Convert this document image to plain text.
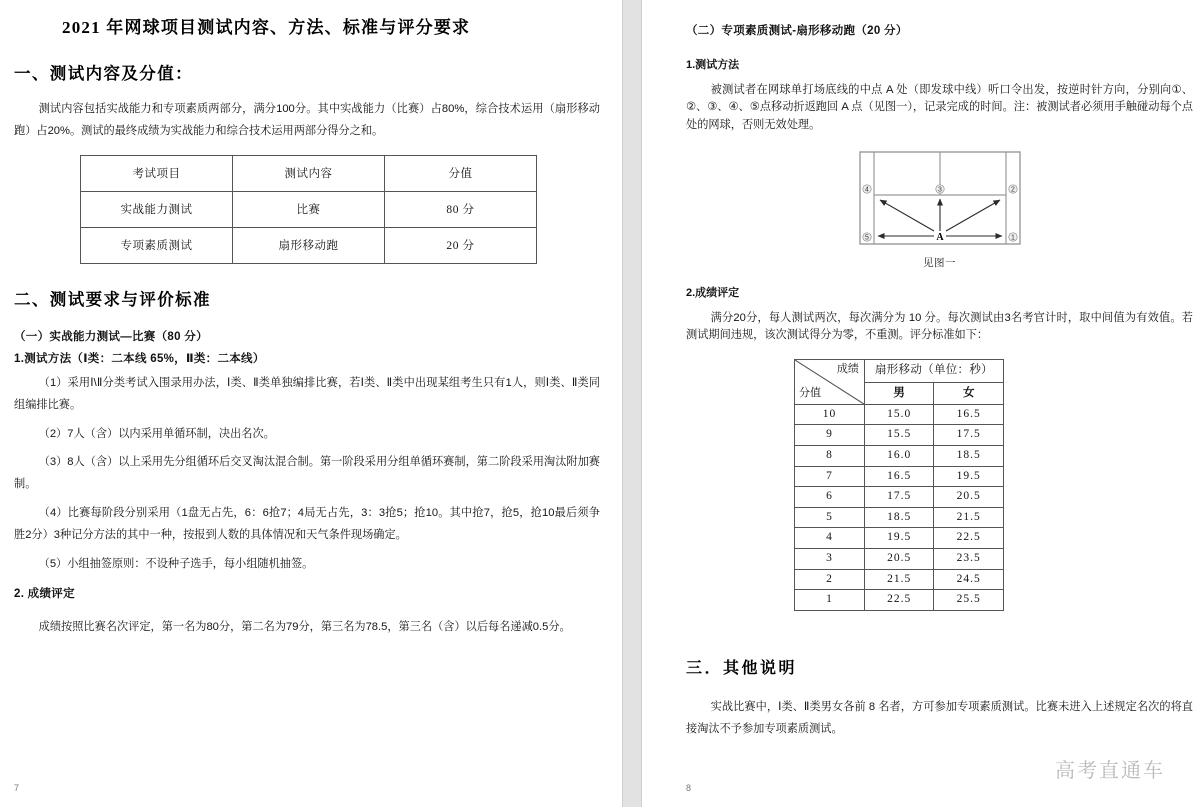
2021 年网球项目测试内容、方法、标准与评分要求
一、测试内容及分值：

测试内容包括实战能力和专项素质两部分，满分100分。其中实战能力（比赛）占80%，综合技术运用（扇形移动跑）占20%。测试的最终成绩为实战能力和综合技术运用两部分得分之和。

考试项目	测试内容	分值
实战能力测试	比赛	80 分
专项素质测试	扇形移动跑	20 分
二、测试要求与评价标准
（一）实战能力测试—比赛（80 分）
1.测试方法（Ⅰ类：二本线 65%，Ⅱ类：二本线）

（1）采用Ⅰ\Ⅱ分类考试入围录用办法，Ⅰ类、Ⅱ类单独编排比赛，若Ⅰ类、Ⅱ类中出现某组考生只有1人，则Ⅰ类、Ⅱ类同组编排比赛。

（2）7人（含）以内采用单循环制，决出名次。

（3）8人（含）以上采用先分组循环后交叉淘汰混合制。第一阶段采用分组单循环赛制，第二阶段采用淘汰附加赛制。

（4）比赛每阶段分别采用（1盘无占先，6：6抢7；4局无占先，3：3抢5；抢10。其中抢7，抢5，抢10最后须争胜2分）3种记分方法的其中一种，按报到人数的具体情况和天气条件现场确定。

（5）小组抽签原则：不设种子选手，每小组随机抽签。

2. 成绩评定

成绩按照比赛名次评定，第一名为80分，第二名为79分，第三名为78.5，第三名（含）以后每名递减0.5分。

7
（二）专项素质测试-扇形移动跑（20 分）
1.测试方法

被测试者在网球单打场底线的中点 A 处（即发球中线）听口令出发，按逆时针方向，分别向①、②、③、④、⑤点移动折返跑回 A 点（见图一），记录完成的时间。注：被测试者必须用手触碰动每个点处的网球，否则无效处理。

4	3	2
5	1
A
见图一
2.成绩评定

满分20分，每人测试两次，每次满分为 10 分。每次测试由3名考官计时，取中间值为有效值。若测试期间违规，该次测试得分为零，不重测。评分标准如下：

成绩
分值	扇形移动（单位：秒）	
	男	女
10	15.0	16.5
9	15.5	17.5
8	16.0	18.5
7	16.5	19.5
6	17.5	20.5
5	18.5	21.5
4	19.5	22.5
3	20.5	23.5
2	21.5	24.5
1	22.5	25.5
三．其他说明

实战比赛中，Ⅰ类、Ⅱ类男女各前 8 名者，方可参加专项素质测试。比赛未进入上述规定名次的将直接淘汰不予参加专项素质测试。

高考直通车
8
